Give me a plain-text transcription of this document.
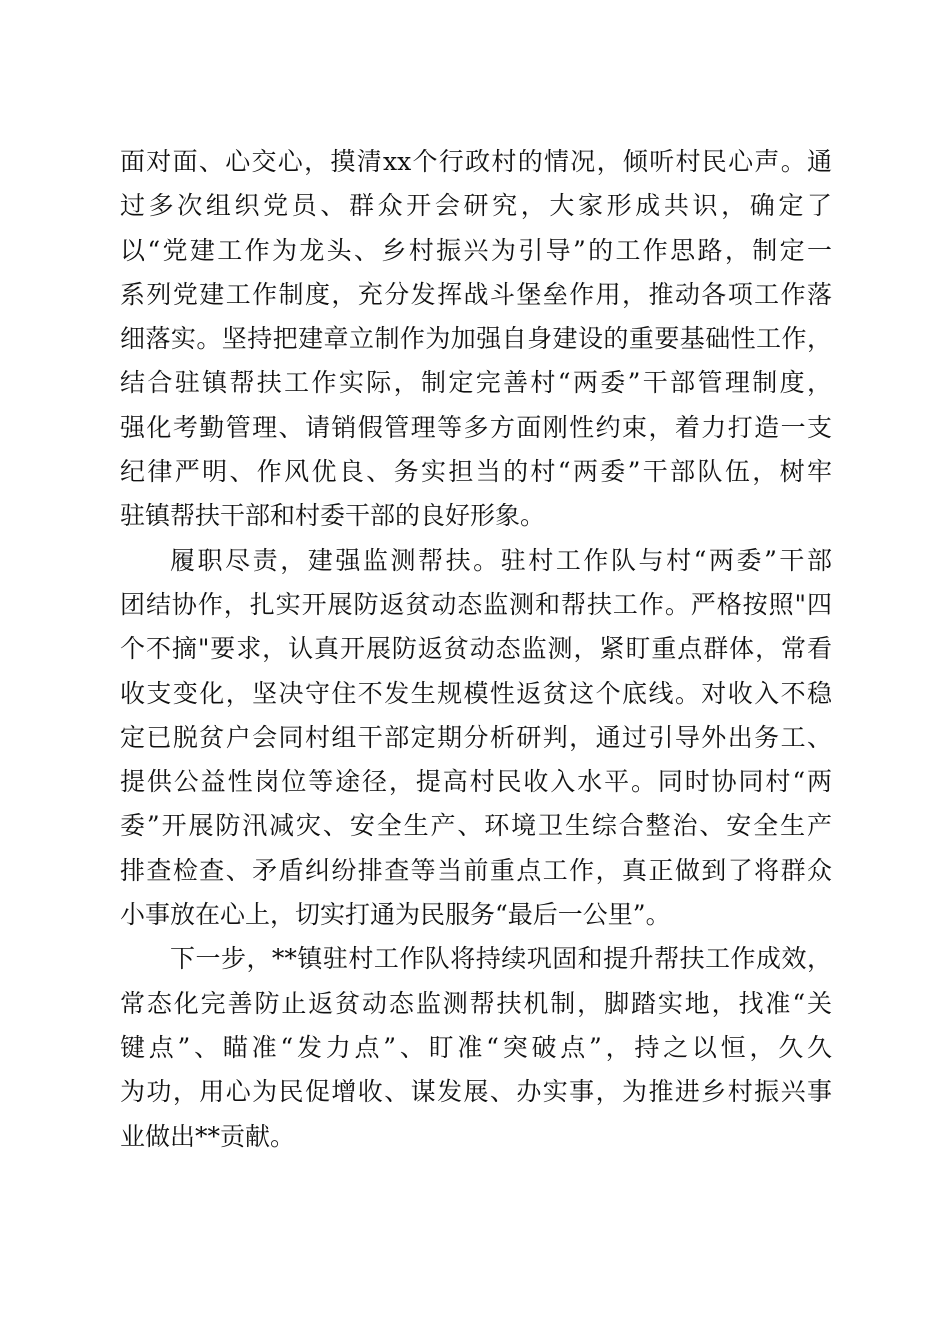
面对面、心交心，摸清xx个行政村的情况，倾听村民心声。通
过多次组织党员、群众开会研究，大家形成共识，确定了
以“党建工作为龙头、乡村振兴为引导”的工作思路，制定一
系列党建工作制度，充分发挥战斗堡垒作用，推动各项工作落
细落实。坚持把建章立制作为加强自身建设的重要基础性工作，
结合驻镇帮扶工作实际，制定完善村“两委”干部管理制度，
强化考勤管理、请销假管理等多方面刚性约束，着力打造一支
纪律严明、作风优良、务实担当的村“两委”干部队伍，树牢
驻镇帮扶干部和村委干部的良好形象。
履职尽责，建强监测帮扶。驻村工作队与村“两委”干部
团结协作，扎实开展防返贫动态监测和帮扶工作。严格按照"四
个不摘"要求，认真开展防返贫动态监测，紧盯重点群体，常看
收支变化，坚决守住不发生规模性返贫这个底线。对收入不稳
定已脱贫户会同村组干部定期分析研判，通过引导外出务工、
提供公益性岗位等途径，提高村民收入水平。同时协同村“两
委”开展防汛减灾、安全生产、环境卫生综合整治、安全生产
排查检查、矛盾纠纷排查等当前重点工作，真正做到了将群众
小事放在心上，切实打通为民服务“最后一公里”。
下一步，**镇驻村工作队将持续巩固和提升帮扶工作成效，
常态化完善防止返贫动态监测帮扶机制，脚踏实地，找准“关
键点”、瞄准“发力点”、盯准“突破点”，持之以恒，久久
为功，用心为民促增收、谋发展、办实事，为推进乡村振兴事
业做出**贡献。
